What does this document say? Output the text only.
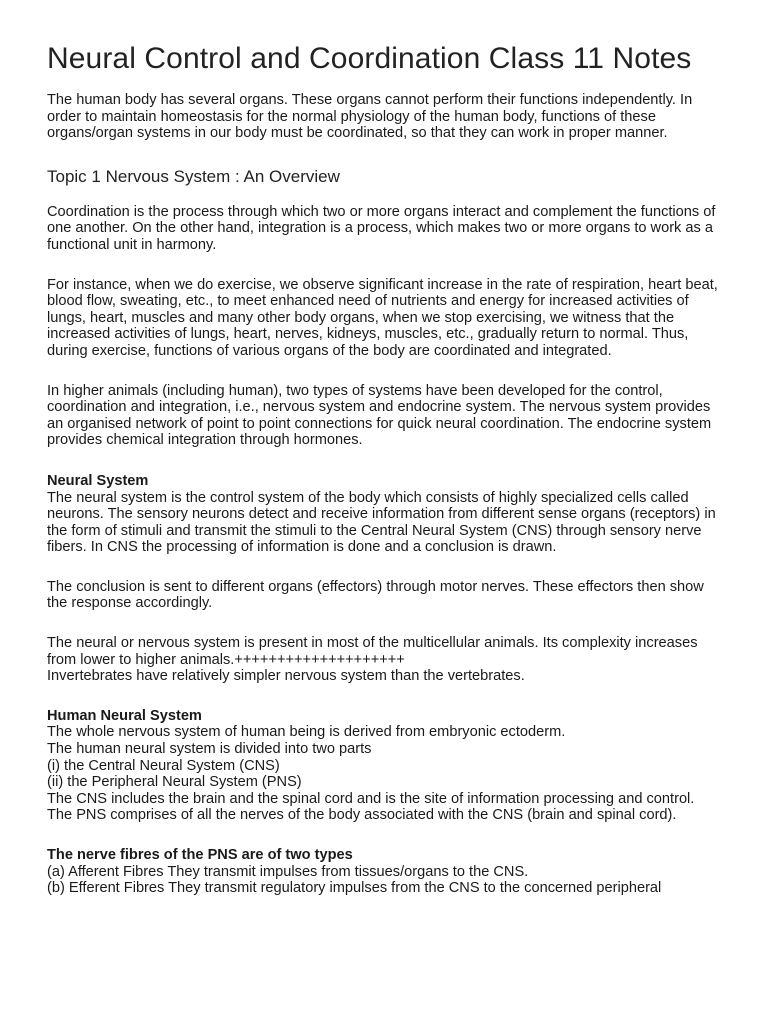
Neural Control and Coordination Class 11 Notes

The human body has several organs. These organs cannot perform their functions independently. In order to maintain homeostasis for the normal physiology of the human body, functions of these organs/organ systems in our body must be coordinated, so that they can work in proper manner.

Topic 1 Nervous System : An Overview

Coordination is the process through which two or more organs interact and complement the functions of one another. On the other hand, integration is a process, which makes two or more organs to work as a functional unit in harmony.

For instance, when we do exercise, we observe significant increase in the rate of respiration, heart beat, blood flow, sweating, etc., to meet enhanced need of nutrients and energy for increased activities of lungs, heart, muscles and many other body organs, when we stop exercising, we witness that the increased activities of lungs, heart, nerves, kidneys, muscles, etc., gradually return to normal. Thus, during exercise, functions of various organs of the body are coordinated and integrated.

In higher animals (including human), two types of systems have been developed for the control, coordination and integration, i.e., nervous system and endocrine system. The nervous system provides an organised network of point to point connections for quick neural coordination. The endocrine system provides chemical integration through hormones.

Neural System
The neural system is the control system of the body which consists of highly specialized cells called neurons. The sensory neurons detect and receive information from different sense organs (receptors) in the form of stimuli and transmit the stimuli to the Central Neural System (CNS) through sensory nerve fibers. In CNS the processing of information is done and a conclusion is drawn.

The conclusion is sent to different organs (effectors) through motor nerves. These effectors then show the response accordingly.

The neural or nervous system is present in most of the multicellular animals. Its complexity increases from lower to higher animals.++++++++++++++++++++
Invertebrates have relatively simpler nervous system than the vertebrates.

Human Neural System
The whole nervous system of human being is derived from embryonic ectoderm.
The human neural system is divided into two parts
(i) the Central Neural System (CNS)
(ii) the Peripheral Neural System (PNS)
The CNS includes the brain and the spinal cord and is the site of information processing and control.
The PNS comprises of all the nerves of the body associated with the CNS (brain and spinal cord).

The nerve fibres of the PNS are of two types
(a) Afferent Fibres They transmit impulses from tissues/organs to the CNS.
(b) Efferent Fibres They transmit regulatory impulses from the CNS to the concerned peripheral
